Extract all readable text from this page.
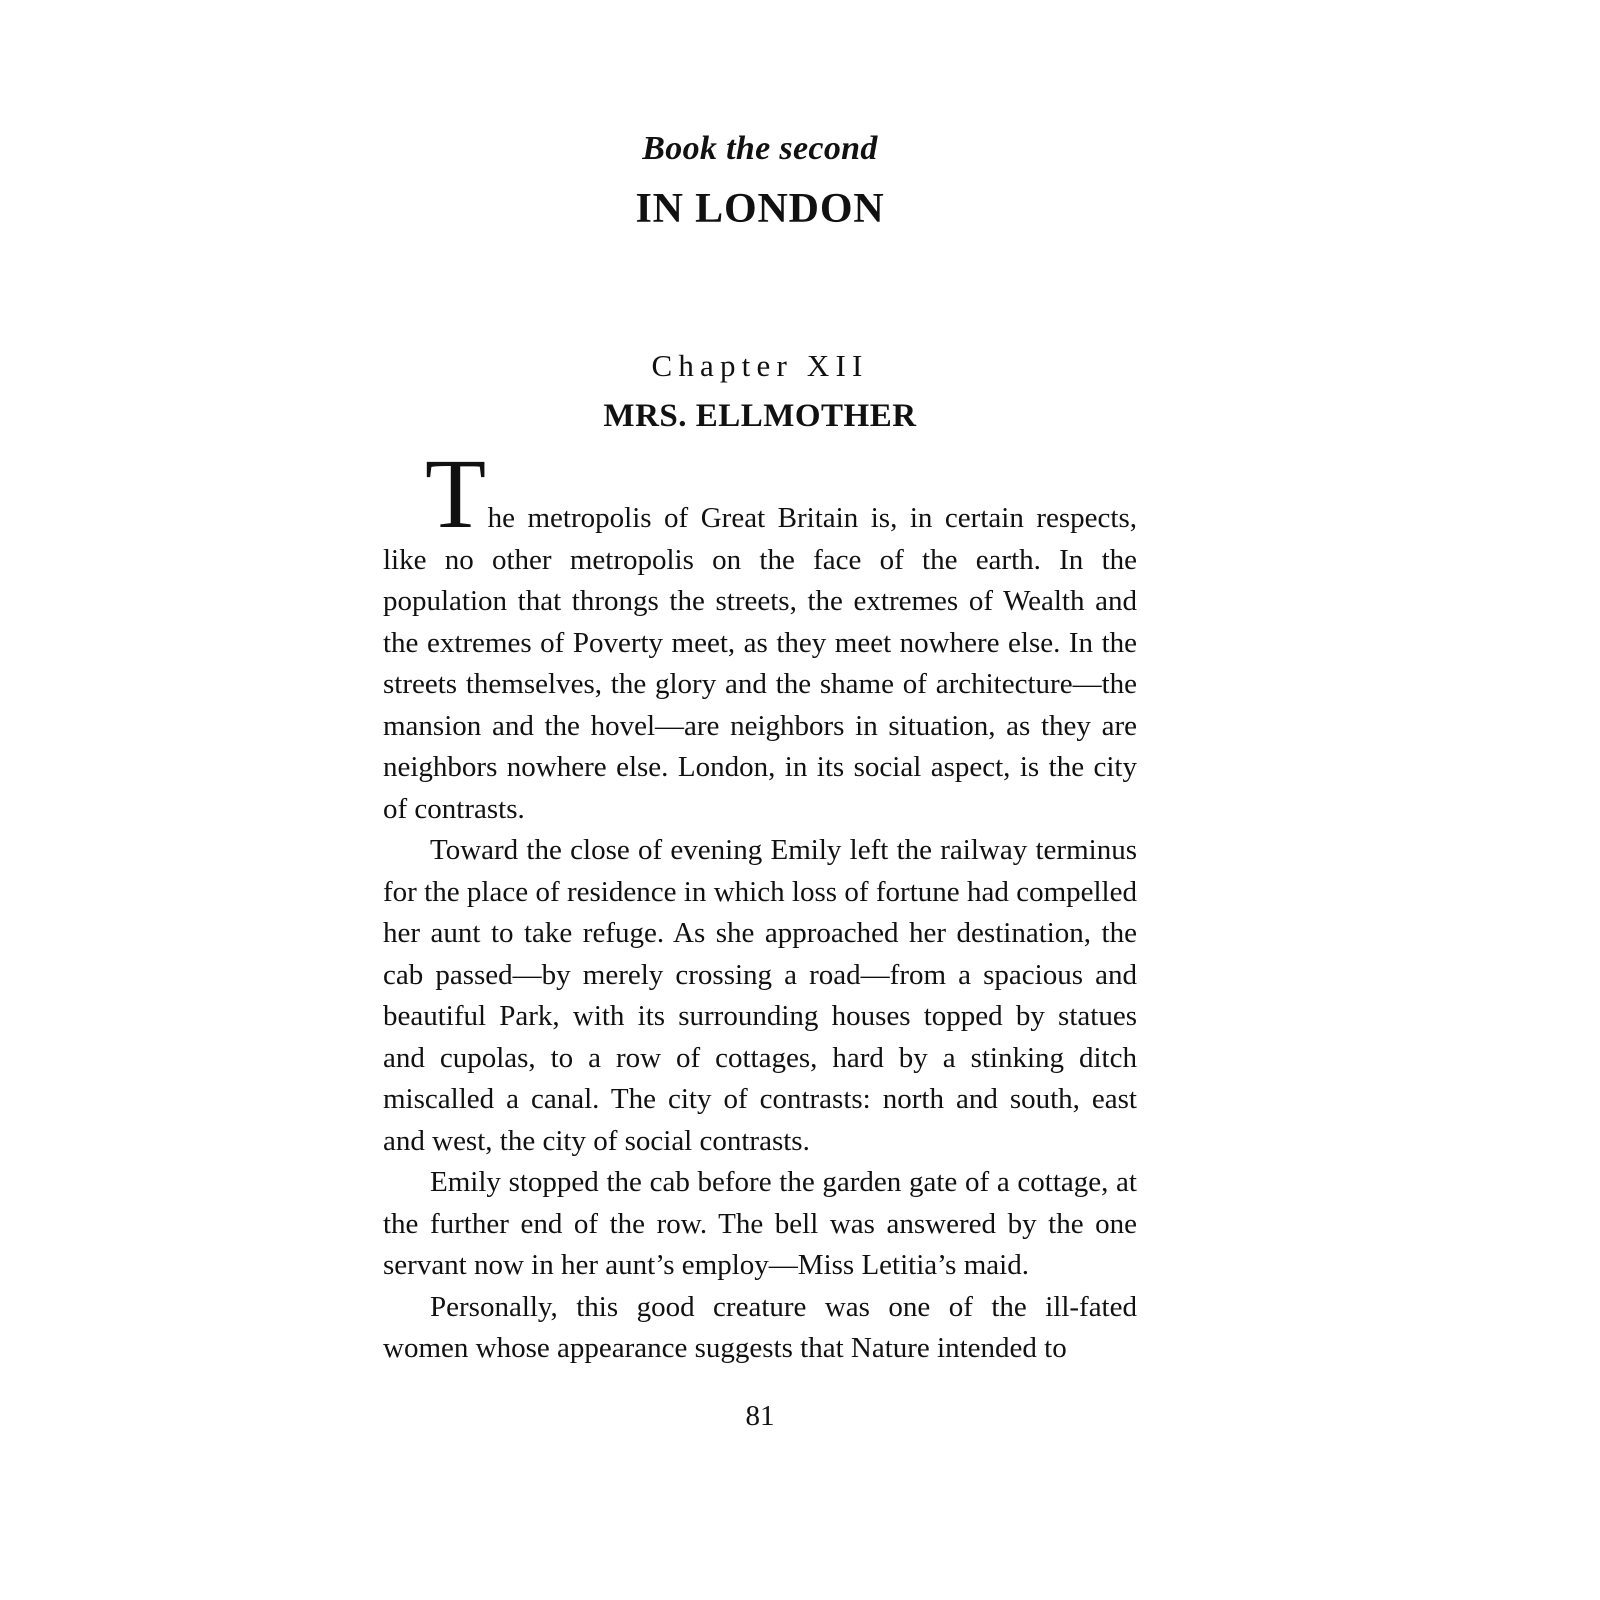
Book the second
IN LONDON
Chapter XII
MRS. ELLMOTHER

The metropolis of Great Britain is, in certain respects, like no other metropolis on the face of the earth. In the population that throngs the streets, the extremes of Wealth and the extremes of Poverty meet, as they meet nowhere else. In the streets themselves, the glory and the shame of architecture—the mansion and the hovel—are neighbors in situation, as they are neighbors nowhere else. London, in its social aspect, is the city of contrasts.

Toward the close of evening Emily left the railway terminus for the place of residence in which loss of fortune had compelled her aunt to take refuge. As she approached her destination, the cab passed—by merely crossing a road—from a spacious and beautiful Park, with its surrounding houses topped by statues and cupolas, to a row of cottages, hard by a stinking ditch miscalled a canal. The city of contrasts: north and south, east and west, the city of social contrasts.

Emily stopped the cab before the garden gate of a cottage, at the further end of the row. The bell was answered by the one servant now in her aunt’s employ—Miss Letitia’s maid.

Personally, this good creature was one of the ill-fated women whose appearance suggests that Nature intended to

81
